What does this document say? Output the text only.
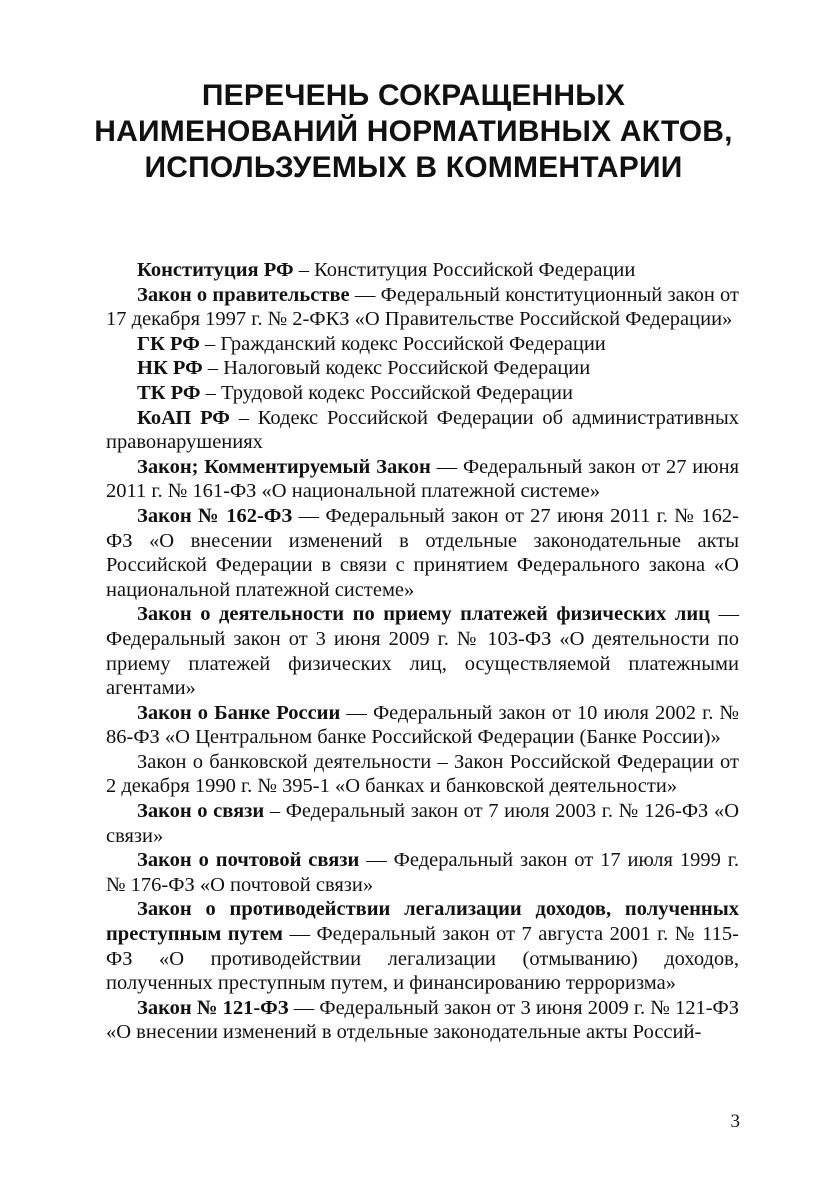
ПЕРЕЧЕНЬ СОКРАЩЕННЫХ
НАИМЕНОВАНИЙ НОРМАТИВНЫХ АКТОВ,
ИСПОЛЬЗУЕМЫХ В КОММЕНТАРИИ

Конституция РФ – Конституция Российской Федерации

Закон о правительстве — Федеральный конституционный закон от 17 декабря 1997 г. № 2-ФКЗ «О Правительстве Российской Федерации»

ГК РФ – Гражданский кодекс Российской Федерации

НК РФ – Налоговый кодекс Российской Федерации

ТК РФ – Трудовой кодекс Российской Федерации

КоАП РФ – Кодекс Российской Федерации об административных правонарушениях

Закон; Комментируемый Закон — Федеральный закон от 27 июня 2011 г. № 161-ФЗ «О национальной платежной системе»

Закон № 162-ФЗ — Федеральный закон от 27 июня 2011 г. № 162-ФЗ «О внесении изменений в отдельные законодательные акты Российской Федерации в связи с принятием Федерального закона «О национальной платежной системе»

Закон о деятельности по приему платежей физических лиц — Федеральный закон от 3 июня 2009 г. № 103-ФЗ «О деятельности по приему платежей физических лиц, осуществляемой платежными агентами»

Закон о Банке России — Федеральный закон от 10 июля 2002 г. № 86-ФЗ «О Центральном банке Российской Федерации (Банке России)»

Закон о банковской деятельности – Закон Российской Федерации от 2 декабря 1990 г. № 395-1 «О банках и банковской деятельности»

Закон о связи – Федеральный закон от 7 июля 2003 г. № 126-ФЗ «О связи»

Закон о почтовой связи — Федеральный закон от 17 июля 1999 г. № 176-ФЗ «О почтовой связи»

Закон о противодействии легализации доходов, полученных преступным путем — Федеральный закон от 7 августа 2001 г. № 115-ФЗ «О противодействии легализации (отмыванию) доходов, полученных преступным путем, и финансированию терроризма»

Закон № 121-ФЗ — Федеральный закон от 3 июня 2009 г. № 121-ФЗ «О внесении изменений в отдельные законодательные акты Россий-

3
